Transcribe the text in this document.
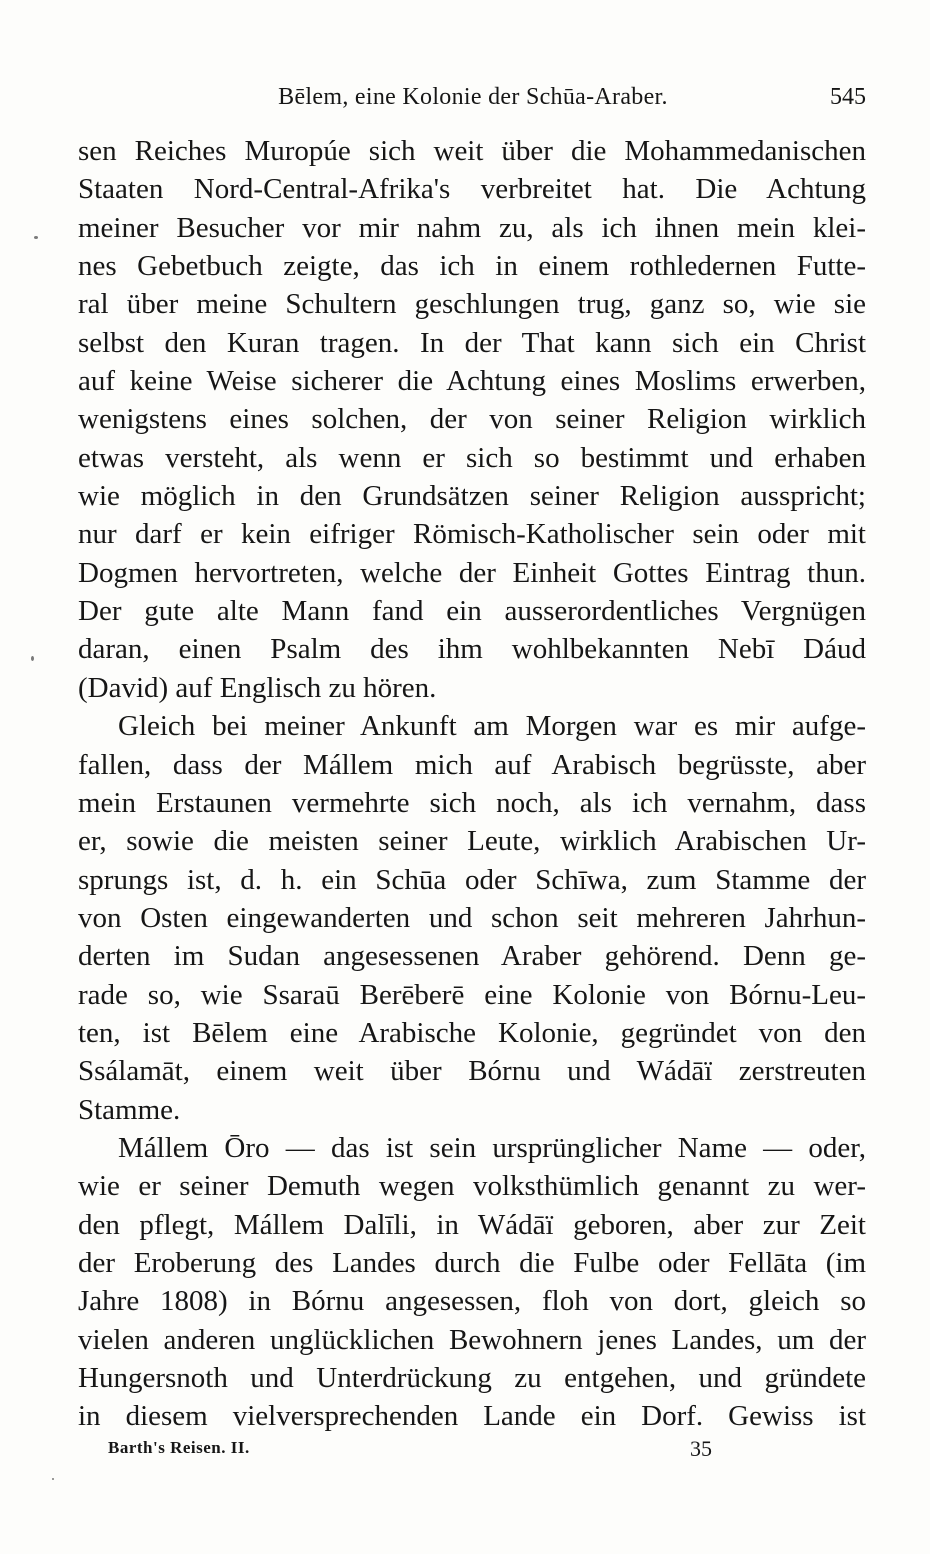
Bēlem, eine Kolonie der Schūa-Araber.	545
sen Reiches Muropúe sich weit über die Mohammedanischen
Staaten Nord-Central-Afrika's verbreitet hat. Die Achtung
meiner Besucher vor mir nahm zu, als ich ihnen mein klei-
nes Gebetbuch zeigte, das ich in einem rothledernen Futte-
ral über meine Schultern geschlungen trug, ganz so, wie sie
selbst den Kuran tragen. In der That kann sich ein Christ
auf keine Weise sicherer die Achtung eines Moslims erwerben,
wenigstens eines solchen, der von seiner Religion wirklich
etwas versteht, als wenn er sich so bestimmt und erhaben
wie möglich in den Grundsätzen seiner Religion ausspricht;
nur darf er kein eifriger Römisch-Katholischer sein oder mit
Dogmen hervortreten, welche der Einheit Gottes Eintrag thun.
Der gute alte Mann fand ein ausserordentliches Vergnügen
daran, einen Psalm des ihm wohlbekannten Nebī Dáud
(David) auf Englisch zu hören.
Gleich bei meiner Ankunft am Morgen war es mir aufge-
fallen, dass der Mállem mich auf Arabisch begrüsste, aber
mein Erstaunen vermehrte sich noch, als ich vernahm, dass
er, sowie die meisten seiner Leute, wirklich Arabischen Ur-
sprungs ist, d. h. ein Schūa oder Schīwa, zum Stamme der
von Osten eingewanderten und schon seit mehreren Jahrhun-
derten im Sudan angesessenen Araber gehörend. Denn ge-
rade so, wie Ssaraū Berēberē eine Kolonie von Bórnu-Leu-
ten, ist Bēlem eine Arabische Kolonie, gegründet von den
Ssálamāt, einem weit über Bórnu und Wádāï zerstreuten
Stamme.
Mállem Ōro — das ist sein ursprünglicher Name — oder,
wie er seiner Demuth wegen volksthümlich genannt zu wer-
den pflegt, Mállem Dalīli, in Wádāï geboren, aber zur Zeit
der Eroberung des Landes durch die Fulbe oder Fellāta (im
Jahre 1808) in Bórnu angesessen, floh von dort, gleich so
vielen anderen unglücklichen Bewohnern jenes Landes, um der
Hungersnoth und Unterdrückung zu entgehen, und gründete
in diesem vielversprechenden Lande ein Dorf. Gewiss ist
Barth's Reisen. II.	35
